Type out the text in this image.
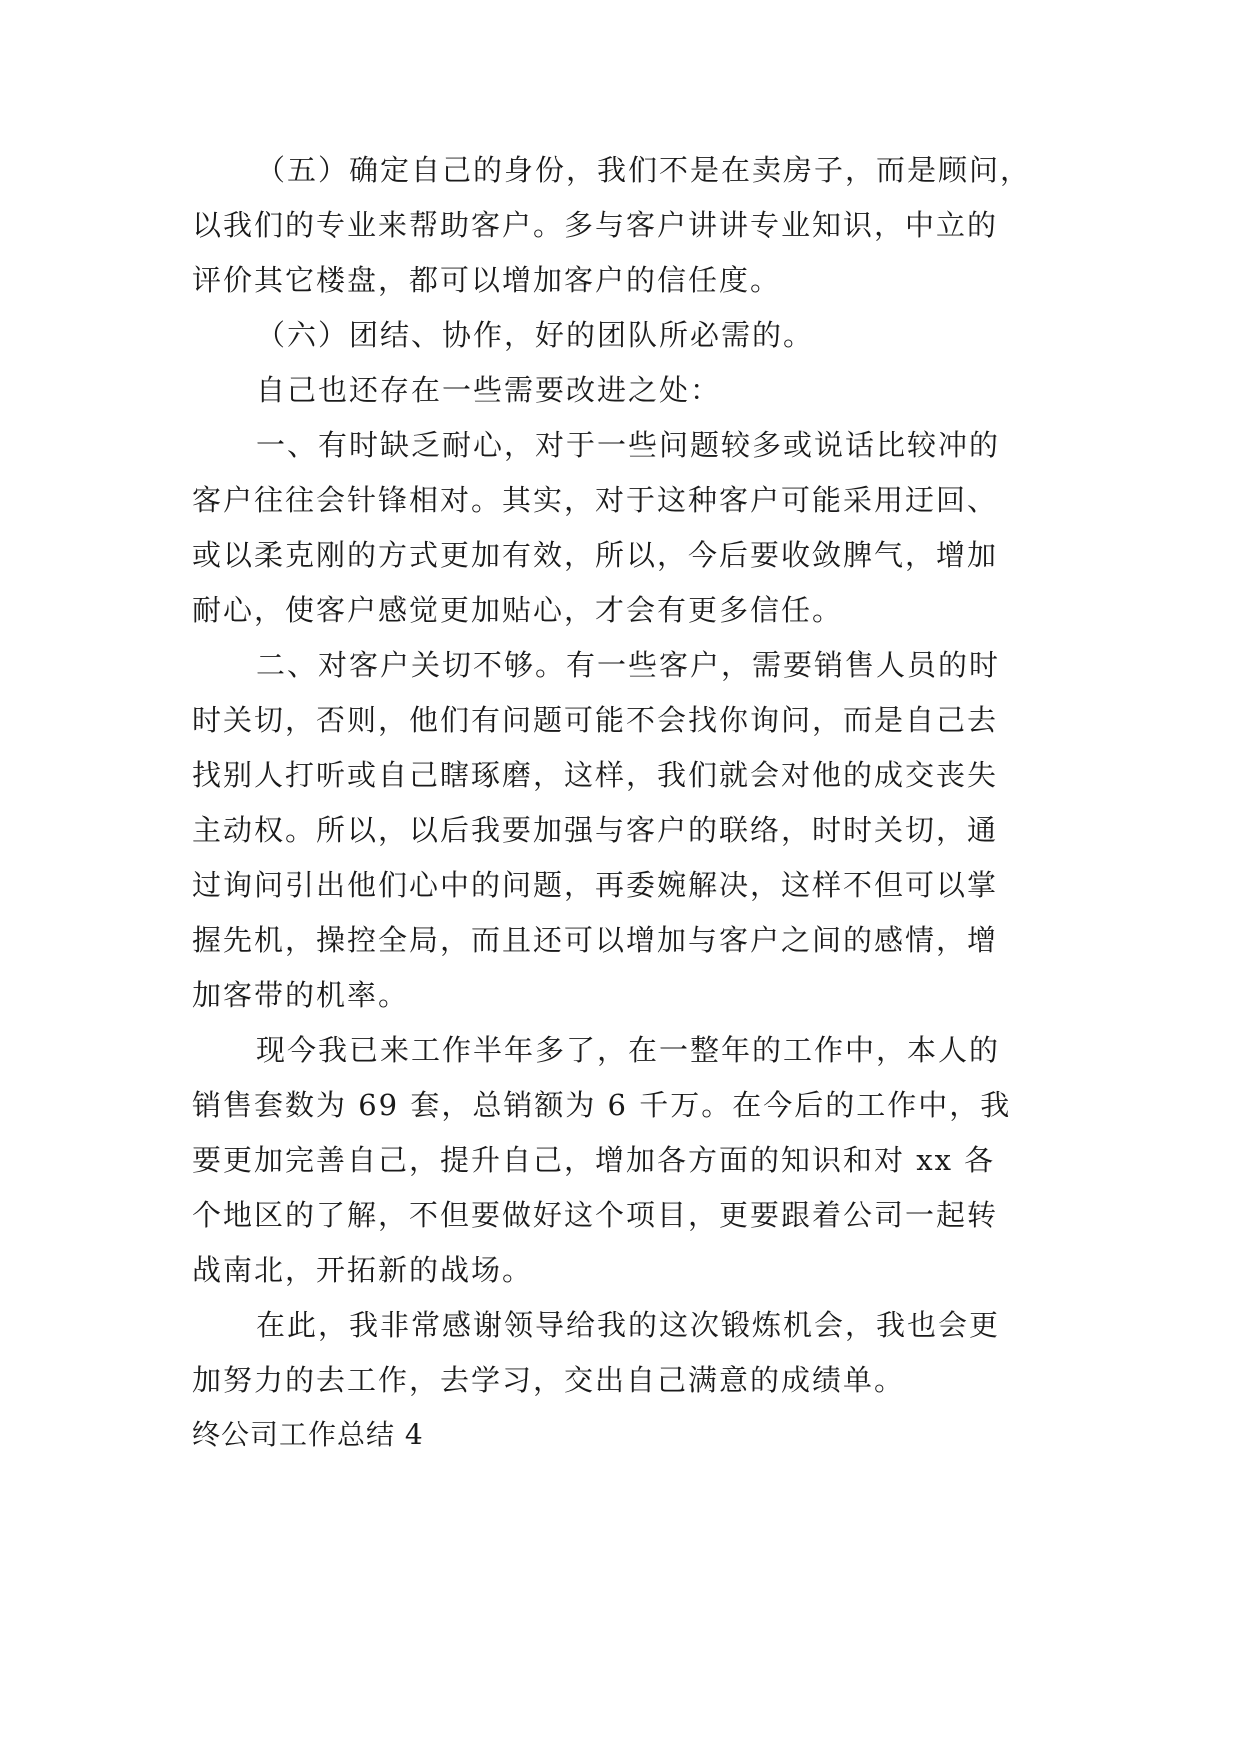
（五）确定自己的身份，我们不是在卖房子，而是顾问，
以我们的专业来帮助客户。多与客户讲讲专业知识，中立的
评价其它楼盘，都可以增加客户的信任度。
（六）团结、协作，好的团队所必需的。
自己也还存在一些需要改进之处：
一、有时缺乏耐心，对于一些问题较多或说话比较冲的
客户往往会针锋相对。其实，对于这种客户可能采用迂回、
或以柔克刚的方式更加有效，所以，今后要收敛脾气，增加
耐心，使客户感觉更加贴心，才会有更多信任。
二、对客户关切不够。有一些客户，需要销售人员的时
时关切，否则，他们有问题可能不会找你询问，而是自己去
找别人打听或自己瞎琢磨，这样，我们就会对他的成交丧失
主动权。所以，以后我要加强与客户的联络，时时关切，通
过询问引出他们心中的问题，再委婉解决，这样不但可以掌
握先机，操控全局，而且还可以增加与客户之间的感情，增
加客带的机率。
现今我已来工作半年多了，在一整年的工作中，本人的
销售套数为 69 套，总销额为 6 千万。在今后的工作中，我
要更加完善自己，提升自己，增加各方面的知识和对 xx 各
个地区的了解，不但要做好这个项目，更要跟着公司一起转
战南北，开拓新的战场。
在此，我非常感谢领导给我的这次锻炼机会，我也会更
加努力的去工作，去学习，交出自己满意的成绩单。
终公司工作总结 4
